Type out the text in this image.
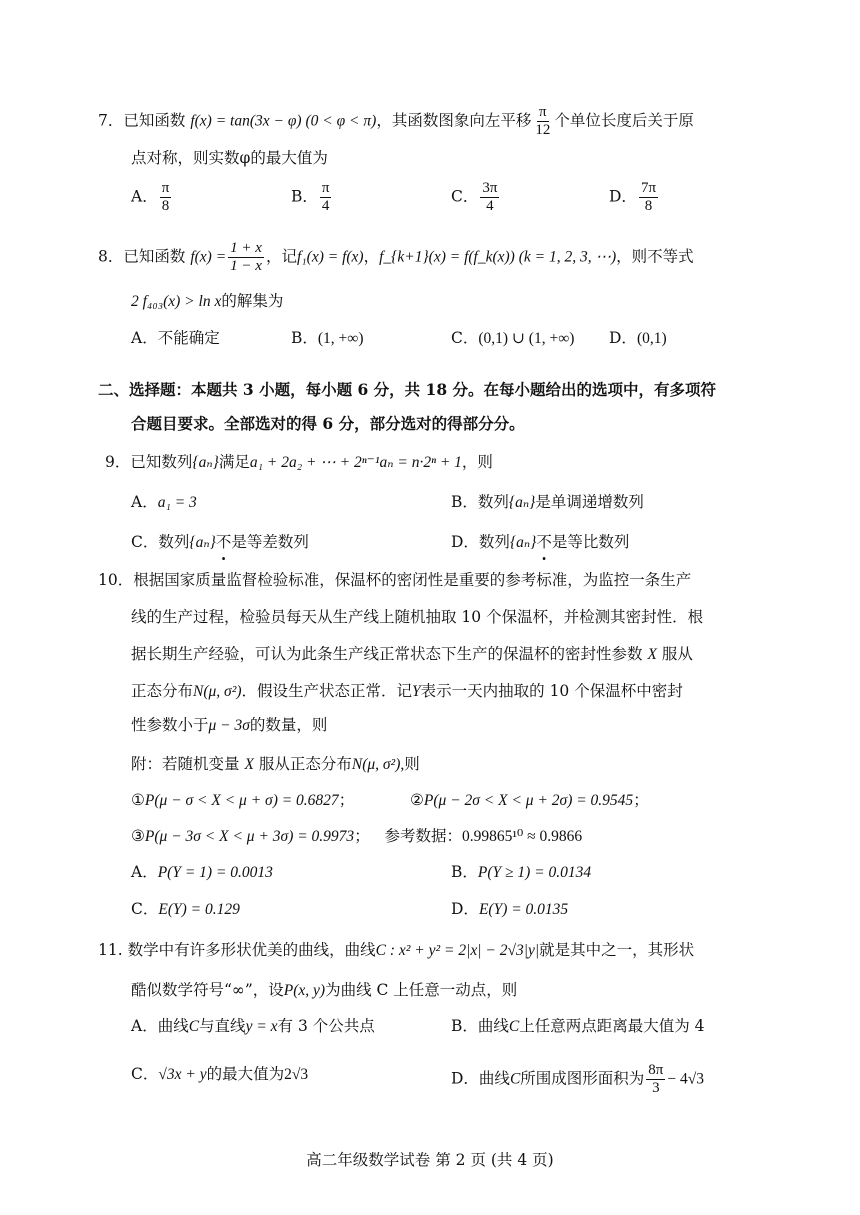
7．已知函数 f(x) = tan(3x − φ) (0 < φ < π)，其函数图象向左平移 $\frac{\pi}{12}$ 个单位长度后关于原
点对称，则实数φ的最大值为
A． $\frac{\pi}{8}$	B． $\frac{\pi}{4}$	C． $\frac{3\pi}{4}$	D． $\frac{7\pi}{8}$
8．已知函数 $f(x) = \frac{1 + x}{1 - x}$ ，记f₁(x) = f(x)，f_{k+1}(x) = f(f_k(x)) (k = 1, 2, 3, ⋯)，则不等式
2 f₄₀₃(x) > ln x的解集为
A．不能确定	B．(1, +∞)	C．(0,1) ∪ (1, +∞) D．(0,1)
二、选择题：本题共 3 小题，每小题 6 分，共 18 分。在每小题给出的选项中，有多项符
合题目要求。全部选对的得 6 分，部分选对的得部分分。
9．已知数列{aₙ}满足a₁ + 2a₂ + ⋯ + 2ⁿ⁻¹aₙ = n·2ⁿ + 1，则
A．a₁ = 3	B．数列{aₙ}是单调递增数列
C．数列{aₙ}不是等差数列	D．数列{aₙ}不是等比数列
10．根据国家质量监督检验标准，保温杯的密闭性是重要的参考标准，为监控一条生产
线的生产过程，检验员每天从生产线上随机抽取 10 个保温杯，并检测其密封性．根
据长期生产经验，可认为此条生产线正常状态下生产的保温杯的密封性参数 X 服从
正态分布N(μ, σ²)．假设生产状态正常．记Y表示一天内抽取的 10 个保温杯中密封
性参数小于μ − 3σ的数量，则
附：若随机变量 X 服从正态分布N(μ, σ²),则
①P(μ − σ < X < μ + σ) = 0.6827；	②P(μ − 2σ < X < μ + 2σ) = 0.9545；
③P(μ − 3σ < X < μ + 3σ) = 0.9973； 参考数据：0.99865¹⁰ ≈ 0.9866
A．P(Y = 1) = 0.0013	B．P(Y ≥ 1) = 0.0134
C．E(Y) = 0.129	D．E(Y) = 0.0135
11. 数学中有许多形状优美的曲线，曲线C : x² + y² = 2|x| − 2√3|y|就是其中之一，其形状
酷似数学符号“∞”，设P(x, y)为曲线 C 上任意一动点，则
A．曲线C与直线y = x有 3 个公共点	B．曲线C上任意两点距离最大值为 4
C．√3x + y的最大值为2√3	D．曲线C所围成图形面积为 $\frac{8\pi}{3} - 4√3$
高二年级数学试卷 第 2 页 (共 4 页)
